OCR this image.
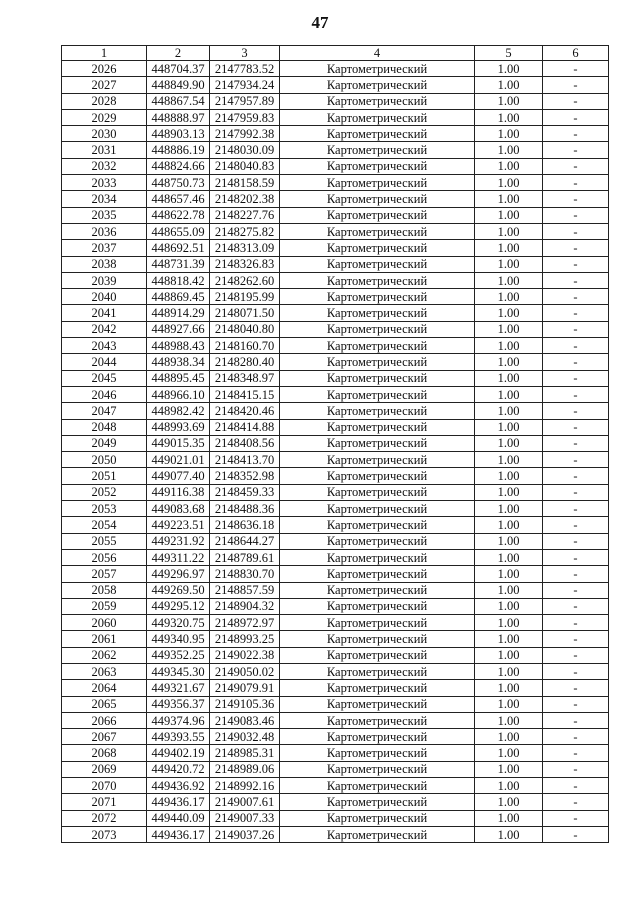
47
1	2	3	4	5	6
2026	448704.37	2147783.52	Картометрический	1.00	-
2027	448849.90	2147934.24	Картометрический	1.00	-
2028	448867.54	2147957.89	Картометрический	1.00	-
2029	448888.97	2147959.83	Картометрический	1.00	-
2030	448903.13	2147992.38	Картометрический	1.00	-
2031	448886.19	2148030.09	Картометрический	1.00	-
2032	448824.66	2148040.83	Картометрический	1.00	-
2033	448750.73	2148158.59	Картометрический	1.00	-
2034	448657.46	2148202.38	Картометрический	1.00	-
2035	448622.78	2148227.76	Картометрический	1.00	-
2036	448655.09	2148275.82	Картометрический	1.00	-
2037	448692.51	2148313.09	Картометрический	1.00	-
2038	448731.39	2148326.83	Картометрический	1.00	-
2039	448818.42	2148262.60	Картометрический	1.00	-
2040	448869.45	2148195.99	Картометрический	1.00	-
2041	448914.29	2148071.50	Картометрический	1.00	-
2042	448927.66	2148040.80	Картометрический	1.00	-
2043	448988.43	2148160.70	Картометрический	1.00	-
2044	448938.34	2148280.40	Картометрический	1.00	-
2045	448895.45	2148348.97	Картометрический	1.00	-
2046	448966.10	2148415.15	Картометрический	1.00	-
2047	448982.42	2148420.46	Картометрический	1.00	-
2048	448993.69	2148414.88	Картометрический	1.00	-
2049	449015.35	2148408.56	Картометрический	1.00	-
2050	449021.01	2148413.70	Картометрический	1.00	-
2051	449077.40	2148352.98	Картометрический	1.00	-
2052	449116.38	2148459.33	Картометрический	1.00	-
2053	449083.68	2148488.36	Картометрический	1.00	-
2054	449223.51	2148636.18	Картометрический	1.00	-
2055	449231.92	2148644.27	Картометрический	1.00	-
2056	449311.22	2148789.61	Картометрический	1.00	-
2057	449296.97	2148830.70	Картометрический	1.00	-
2058	449269.50	2148857.59	Картометрический	1.00	-
2059	449295.12	2148904.32	Картометрический	1.00	-
2060	449320.75	2148972.97	Картометрический	1.00	-
2061	449340.95	2148993.25	Картометрический	1.00	-
2062	449352.25	2149022.38	Картометрический	1.00	-
2063	449345.30	2149050.02	Картометрический	1.00	-
2064	449321.67	2149079.91	Картометрический	1.00	-
2065	449356.37	2149105.36	Картометрический	1.00	-
2066	449374.96	2149083.46	Картометрический	1.00	-
2067	449393.55	2149032.48	Картометрический	1.00	-
2068	449402.19	2148985.31	Картометрический	1.00	-
2069	449420.72	2148989.06	Картометрический	1.00	-
2070	449436.92	2148992.16	Картометрический	1.00	-
2071	449436.17	2149007.61	Картометрический	1.00	-
2072	449440.09	2149007.33	Картометрический	1.00	-
2073	449436.17	2149037.26	Картометрический	1.00	-
